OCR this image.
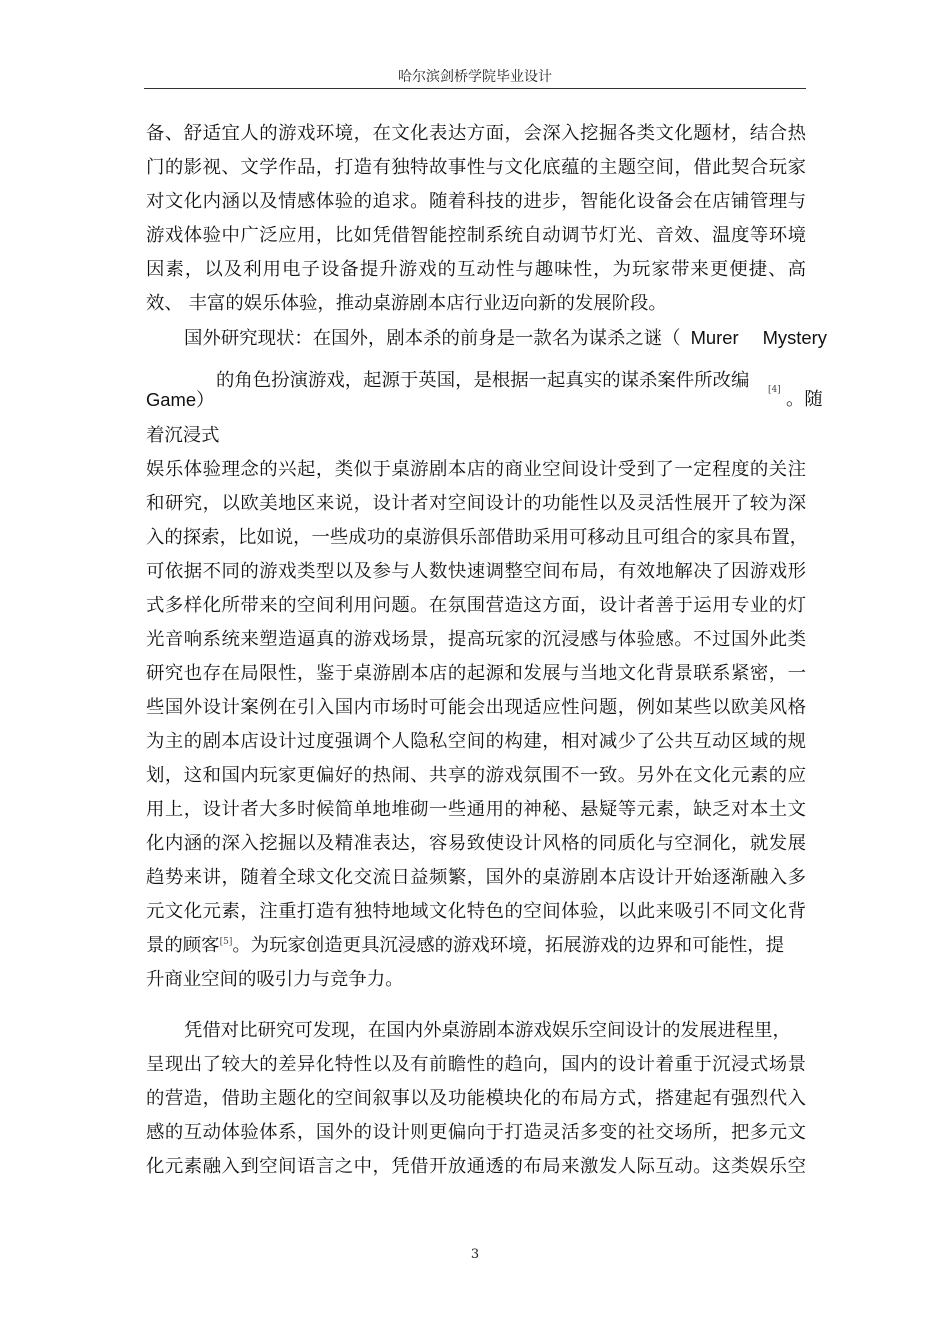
哈尔滨剑桥学院毕业设计
备、舒适宜人的游戏环境，在文化表达方面，会深入挖掘各类文化题材，结合热
门的影视、文学作品，打造有独特故事性与文化底蕴的主题空间，借此契合玩家
对文化内涵以及情感体验的追求。随着科技的进步，智能化设备会在店铺管理与
游戏体验中广泛应用，比如凭借智能控制系统自动调节灯光、音效、温度等环境
因素，以及利用电子设备提升游戏的互动性与趣味性，为玩家带来更便捷、高
效、 丰富的娱乐体验，推动桌游剧本店行业迈向新的发展阶段。
国外研究现状：在国外，剧本杀的前身是一款名为谋杀之谜（ Murer Mystery
的角色扮演游戏，起源于英国，是根据一起真实的谋杀案件所改编
Game）	[4] 。随
着沉浸式
娱乐体验理念的兴起，类似于桌游剧本店的商业空间设计受到了一定程度的关注
和研究，以欧美地区来说，设计者对空间设计的功能性以及灵活性展开了较为深
入的探索，比如说，一些成功的桌游俱乐部借助采用可移动且可组合的家具布置，
可依据不同的游戏类型以及参与人数快速调整空间布局，有效地解决了因游戏形
式多样化所带来的空间利用问题。在氛围营造这方面，设计者善于运用专业的灯
光音响系统来塑造逼真的游戏场景，提高玩家的沉浸感与体验感。不过国外此类
研究也存在局限性，鉴于桌游剧本店的起源和发展与当地文化背景联系紧密，一
些国外设计案例在引入国内市场时可能会出现适应性问题，例如某些以欧美风格
为主的剧本店设计过度强调个人隐私空间的构建，相对减少了公共互动区域的规
划，这和国内玩家更偏好的热闹、共享的游戏氛围不一致。另外在文化元素的应
用上，设计者大多时候简单地堆砌一些通用的神秘、悬疑等元素，缺乏对本土文
化内涵的深入挖掘以及精准表达，容易致使设计风格的同质化与空洞化，就发展
趋势来讲，随着全球文化交流日益频繁，国外的桌游剧本店设计开始逐渐融入多
元文化元素，注重打造有独特地域文化特色的空间体验，以此来吸引不同文化背
景的顾客[5]。为玩家创造更具沉浸感的游戏环境，拓展游戏的边界和可能性，提
升商业空间的吸引力与竞争力。
凭借对比研究可发现，在国内外桌游剧本游戏娱乐空间设计的发展进程里，
呈现出了较大的差异化特性以及有前瞻性的趋向，国内的设计着重于沉浸式场景
的营造，借助主题化的空间叙事以及功能模块化的布局方式，搭建起有强烈代入
感的互动体验体系，国外的设计则更偏向于打造灵活多变的社交场所，把多元文
化元素融入到空间语言之中，凭借开放通透的布局来激发人际互动。这类娱乐空
3
